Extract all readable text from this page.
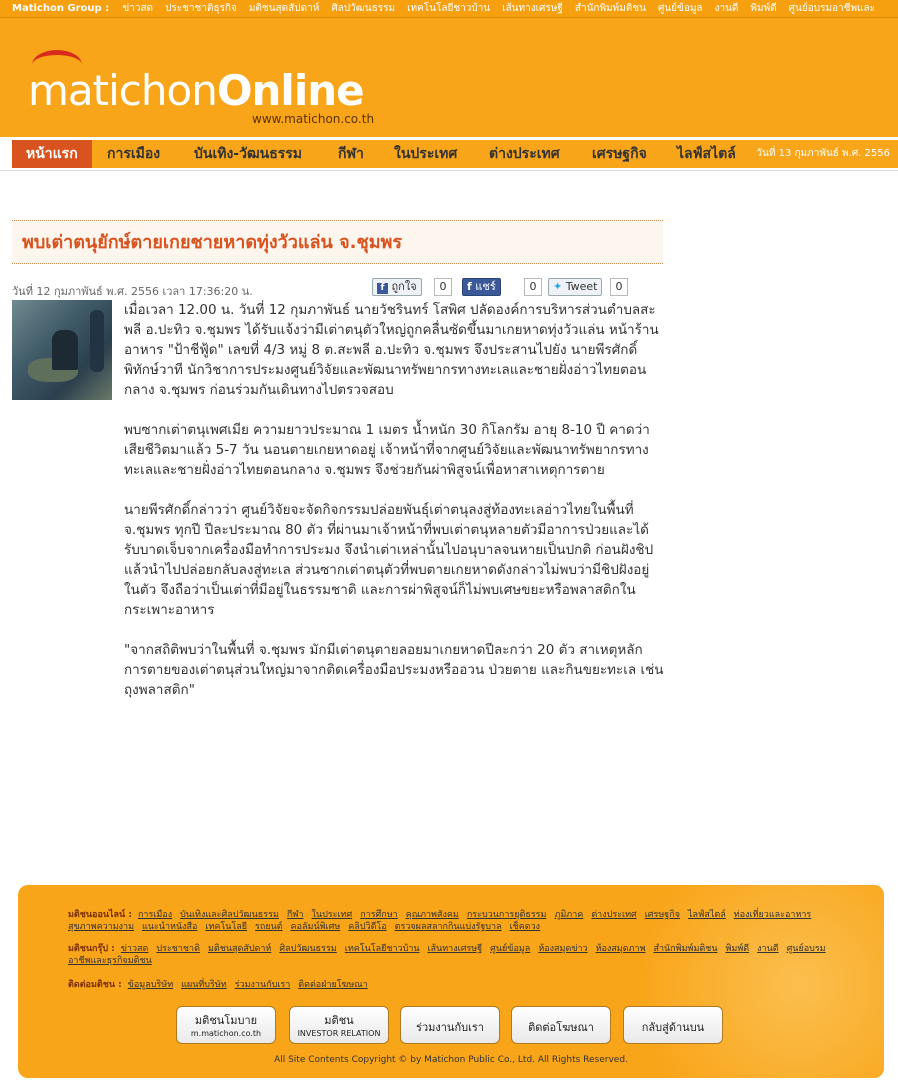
Matichon Group : ข่าวสด ประชาชาติธุรกิจ มติชนสุดสัปดาห์ ศิลปวัฒนธรรม เทคโนโลยีชาวบ้าน เส้นทางเศรษฐี สำนักพิมพ์มติชน ศูนย์ข้อมูล งานดี พิมพ์ดี ศูนย์อบรมอาชีพและ
matichonOnline
www.matichon.co.th
หน้าแรก	การเมือง บันเทิง-วัฒนธรรม	กีฬา ในประเทศ ต่างประเทศ เศรษฐกิจ ไลฟ์สไตล์ วันที่ 13 กุมภาพันธ์ พ.ศ. 2556
พบเต่าตนุยักษ์ตายเกยชายหาดทุ่งวัวแล่น จ.ชุมพร
วันที่ 12 กุมภาพันธ์ พ.ศ. 2556 เวลา 17:36:20 น.	f ถูกใจ	0	f แชร์	0	✦ Tweet	0

เมื่อเวลา 12.00 น. วันที่ 12 กุมภาพันธ์ นายวัชรินทร์ โสพิศ ปลัดองค์การบริหารส่วนตำบลสะพลี อ.ปะทิว จ.ชุมพร ได้รับแจ้งว่ามีเต่าตนุตัวใหญ่ถูกคลื่นซัดขึ้นมาเกยหาดทุ่งวัวแล่น หน้าร้านอาหาร "ป้าชีฟู้ด" เลขที่ 4/3 หมู่ 8 ต.สะพลี อ.ปะทิว จ.ชุมพร จึงประสานไปยัง นายพีรศักดิ์ พิทักษ์วาที นักวิชาการประมงศูนย์วิจัยและพัฒนาทรัพยากรทางทะเลและชายฝั่งอ่าวไทยตอนกลาง จ.ชุมพร ก่อนร่วมกันเดินทางไปตรวจสอบ

พบซากเต่าตนุเพศเมีย ความยาวประมาณ 1 เมตร น้ำหนัก 30 กิโลกรัม อายุ 8-10 ปี คาดว่าเสียชีวิตมาแล้ว 5-7 วัน นอนตายเกยหาดอยู่ เจ้าหน้าที่จากศูนย์วิจัยและพัฒนาทรัพยากรทางทะเลและชายฝั่งอ่าวไทยตอนกลาง จ.ชุมพร จึงช่วยกันผ่าพิสูจน์เพื่อหาสาเหตุการตาย

นายพีรศักดิ์กล่าวว่า ศูนย์วิจัยจะจัดกิจกรรมปล่อยพันธุ์เต่าตนุลงสู่ท้องทะเลอ่าวไทยในพื้นที่ จ.ชุมพร ทุกปี ปีละประมาณ 80 ตัว ที่ผ่านมาเจ้าหน้าที่พบเต่าตนุหลายตัวมีอาการป่วยและได้รับบาดเจ็บจากเครื่องมือทำการประมง จึงนำเต่าเหล่านั้นไปอนุบาลจนหายเป็นปกติ ก่อนฝังชิปแล้วนำไปปล่อยกลับลงสู่ทะเล ส่วนซากเต่าตนุตัวที่พบตายเกยหาดดังกล่าวไม่พบว่ามีชิปฝังอยู่ในตัว จึงถือว่าเป็นเต่าที่มีอยู่ในธรรมชาติ และการผ่าพิสูจน์ก็ไม่พบเศษขยะหรือพลาสติกในกระเพาะอาหาร

"จากสถิติพบว่าในพื้นที่ จ.ชุมพร มักมีเต่าตนุตายลอยมาเกยหาดปีละกว่า 20 ตัว สาเหตุหลักการตายของเต่าตนุส่วนใหญ่มาจากติดเครื่องมือประมงหรืออวน ป่วยตาย และกินขยะทะเล เช่น ถุงพลาสติก"

มติชนออนไลน์ : การเมือง บันเทิงและศิลปวัฒนธรรม กีฬา ในประเทศ การศึกษา คุณภาพสังคม กระบวนการยุติธรรม ภูมิภาค ต่างประเทศ เศรษฐกิจ ไลฟ์สไตล์ ท่องเที่ยวและอาหารสุขภาพความงาม แนะนำหนังสือ เทคโนโลยี รถยนต์ คอลัมน์พิเศษ คลิปวิดีโอ ตรวจผลสลากกินแบ่งรัฐบาล เช็คดวง
มติชนกรุ๊ป : ข่าวสด ประชาชาติ มติชนสุดสัปดาห์ ศิลปวัฒนธรรม เทคโนโลยีชาวบ้าน เส้นทางเศรษฐี ศูนย์ข้อมูล ห้องสมุดข่าว ห้องสมุดภาพ สำนักพิมพ์มติชน พิมพ์ดี งานดี ศูนย์อบรมอาชีพและธุรกิจมติชน
ติดต่อมติชน : ข้อมูลบริษัท แผนที่บริษัท ร่วมงานกับเรา ติดต่อฝ่ายโฆษณา
มติชนโมบาย
m.matichon.co.th
มติชน
INVESTOR RELATION	ร่วมงานกับเรา	ติดต่อโฆษณา	กลับสู่ด้านบน
All Site Contents Copyright © by Matichon Public Co., Ltd. All Rights Reserved.
